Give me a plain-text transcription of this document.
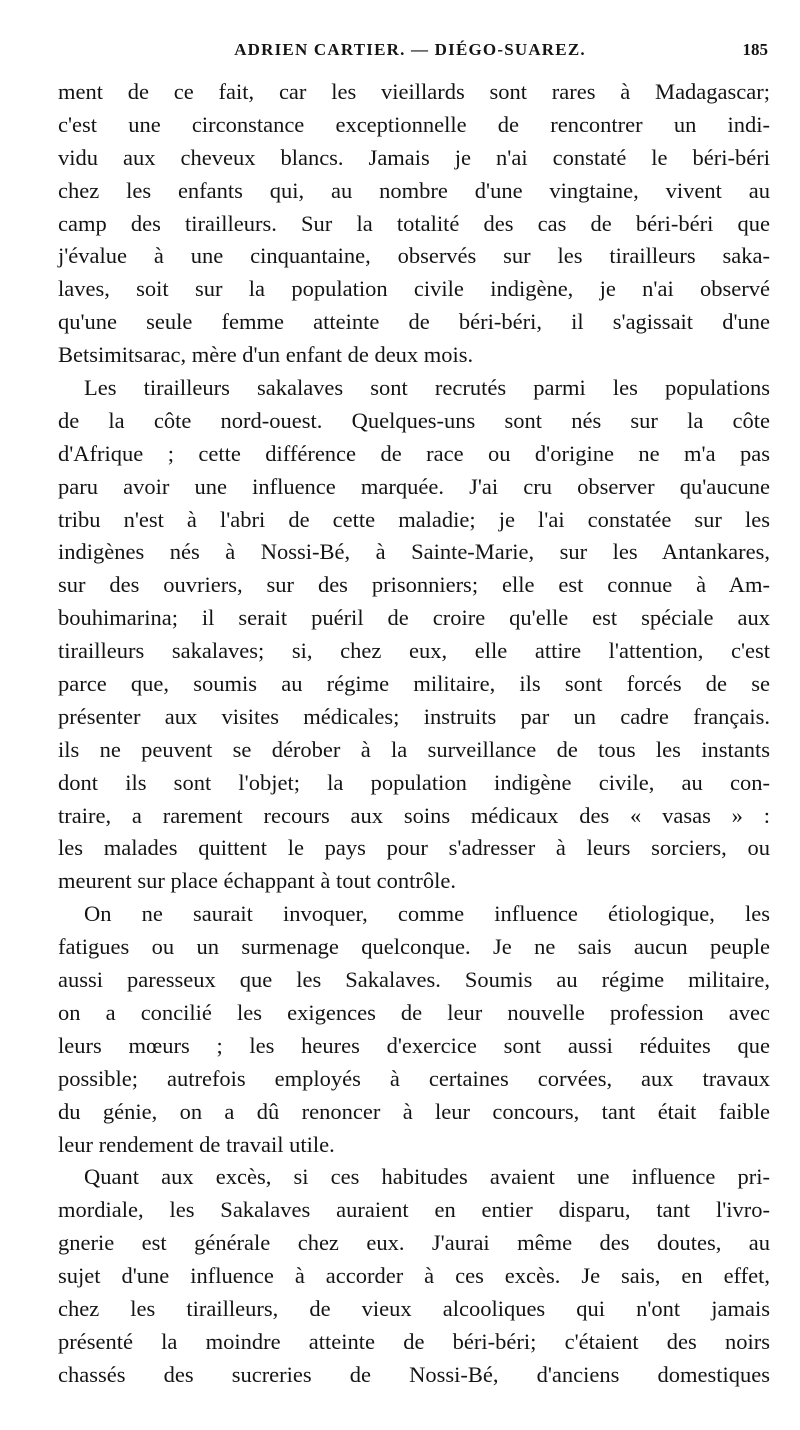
ADRIEN CARTIER. — DIÉGO-SUAREZ.	185
ment de ce fait, car les vieillards sont rares à Madagascar;
c'est une circonstance exceptionnelle de rencontrer un indi-
vidu aux cheveux blancs. Jamais je n'ai constaté le béri-béri
chez les enfants qui, au nombre d'une vingtaine, vivent au
camp des tirailleurs. Sur la totalité des cas de béri-béri que
j'évalue à une cinquantaine, observés sur les tirailleurs saka-
laves, soit sur la population civile indigène, je n'ai observé
qu'une seule femme atteinte de béri-béri, il s'agissait d'une
Betsimitsarac, mère d'un enfant de deux mois.
Les tirailleurs sakalaves sont recrutés parmi les populations
de la côte nord-ouest. Quelques-uns sont nés sur la côte
d'Afrique ; cette différence de race ou d'origine ne m'a pas
paru avoir une influence marquée. J'ai cru observer qu'aucune
tribu n'est à l'abri de cette maladie; je l'ai constatée sur les
indigènes nés à Nossi-Bé, à Sainte-Marie, sur les Antankares,
sur des ouvriers, sur des prisonniers; elle est connue à Am-
bouhimarina; il serait puéril de croire qu'elle est spéciale aux
tirailleurs sakalaves; si, chez eux, elle attire l'attention, c'est
parce que, soumis au régime militaire, ils sont forcés de se
présenter aux visites médicales; instruits par un cadre français.
ils ne peuvent se dérober à la surveillance de tous les instants
dont ils sont l'objet; la population indigène civile, au con-
traire, a rarement recours aux soins médicaux des « vasas » :
les malades quittent le pays pour s'adresser à leurs sorciers, ou
meurent sur place échappant à tout contrôle.
On ne saurait invoquer, comme influence étiologique, les
fatigues ou un surmenage quelconque. Je ne sais aucun peuple
aussi paresseux que les Sakalaves. Soumis au régime militaire,
on a concilié les exigences de leur nouvelle profession avec
leurs mœurs ; les heures d'exercice sont aussi réduites que
possible; autrefois employés à certaines corvées, aux travaux
du génie, on a dû renoncer à leur concours, tant était faible
leur rendement de travail utile.
Quant aux excès, si ces habitudes avaient une influence pri-
mordiale, les Sakalaves auraient en entier disparu, tant l'ivro-
gnerie est générale chez eux. J'aurai même des doutes, au
sujet d'une influence à accorder à ces excès. Je sais, en effet,
chez les tirailleurs, de vieux alcooliques qui n'ont jamais
présenté la moindre atteinte de béri-béri; c'étaient des noirs
chassés des sucreries de Nossi-Bé, d'anciens domestiques
